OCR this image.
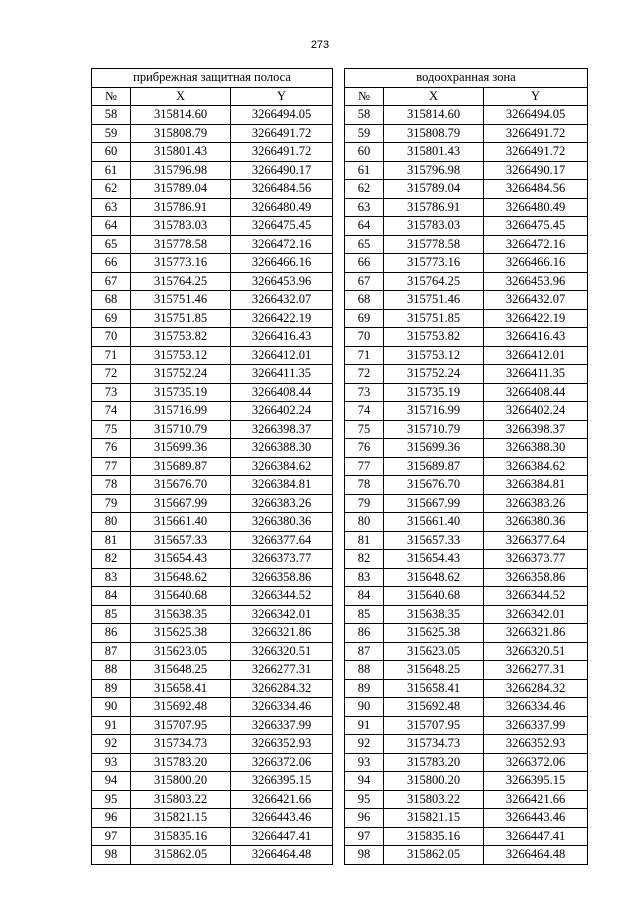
273
прибрежная защитная полоса		
№	X	Y
58	315814.60	3266494.05
59	315808.79	3266491.72
60	315801.43	3266491.72
61	315796.98	3266490.17
62	315789.04	3266484.56
63	315786.91	3266480.49
64	315783.03	3266475.45
65	315778.58	3266472.16
66	315773.16	3266466.16
67	315764.25	3266453.96
68	315751.46	3266432.07
69	315751.85	3266422.19
70	315753.82	3266416.43
71	315753.12	3266412.01
72	315752.24	3266411.35
73	315735.19	3266408.44
74	315716.99	3266402.24
75	315710.79	3266398.37
76	315699.36	3266388.30
77	315689.87	3266384.62
78	315676.70	3266384.81
79	315667.99	3266383.26
80	315661.40	3266380.36
81	315657.33	3266377.64
82	315654.43	3266373.77
83	315648.62	3266358.86
84	315640.68	3266344.52
85	315638.35	3266342.01
86	315625.38	3266321.86
87	315623.05	3266320.51
88	315648.25	3266277.31
89	315658.41	3266284.32
90	315692.48	3266334.46
91	315707.95	3266337.99
92	315734.73	3266352.93
93	315783.20	3266372.06
94	315800.20	3266395.15
95	315803.22	3266421.66
96	315821.15	3266443.46
97	315835.16	3266447.41
98	315862.05	3266464.48
водоохранная зона		
№	X	Y
58	315814.60	3266494.05
59	315808.79	3266491.72
60	315801.43	3266491.72
61	315796.98	3266490.17
62	315789.04	3266484.56
63	315786.91	3266480.49
64	315783.03	3266475.45
65	315778.58	3266472.16
66	315773.16	3266466.16
67	315764.25	3266453.96
68	315751.46	3266432.07
69	315751.85	3266422.19
70	315753.82	3266416.43
71	315753.12	3266412.01
72	315752.24	3266411.35
73	315735.19	3266408.44
74	315716.99	3266402.24
75	315710.79	3266398.37
76	315699.36	3266388.30
77	315689.87	3266384.62
78	315676.70	3266384.81
79	315667.99	3266383.26
80	315661.40	3266380.36
81	315657.33	3266377.64
82	315654.43	3266373.77
83	315648.62	3266358.86
84	315640.68	3266344.52
85	315638.35	3266342.01
86	315625.38	3266321.86
87	315623.05	3266320.51
88	315648.25	3266277.31
89	315658.41	3266284.32
90	315692.48	3266334.46
91	315707.95	3266337.99
92	315734.73	3266352.93
93	315783.20	3266372.06
94	315800.20	3266395.15
95	315803.22	3266421.66
96	315821.15	3266443.46
97	315835.16	3266447.41
98	315862.05	3266464.48
